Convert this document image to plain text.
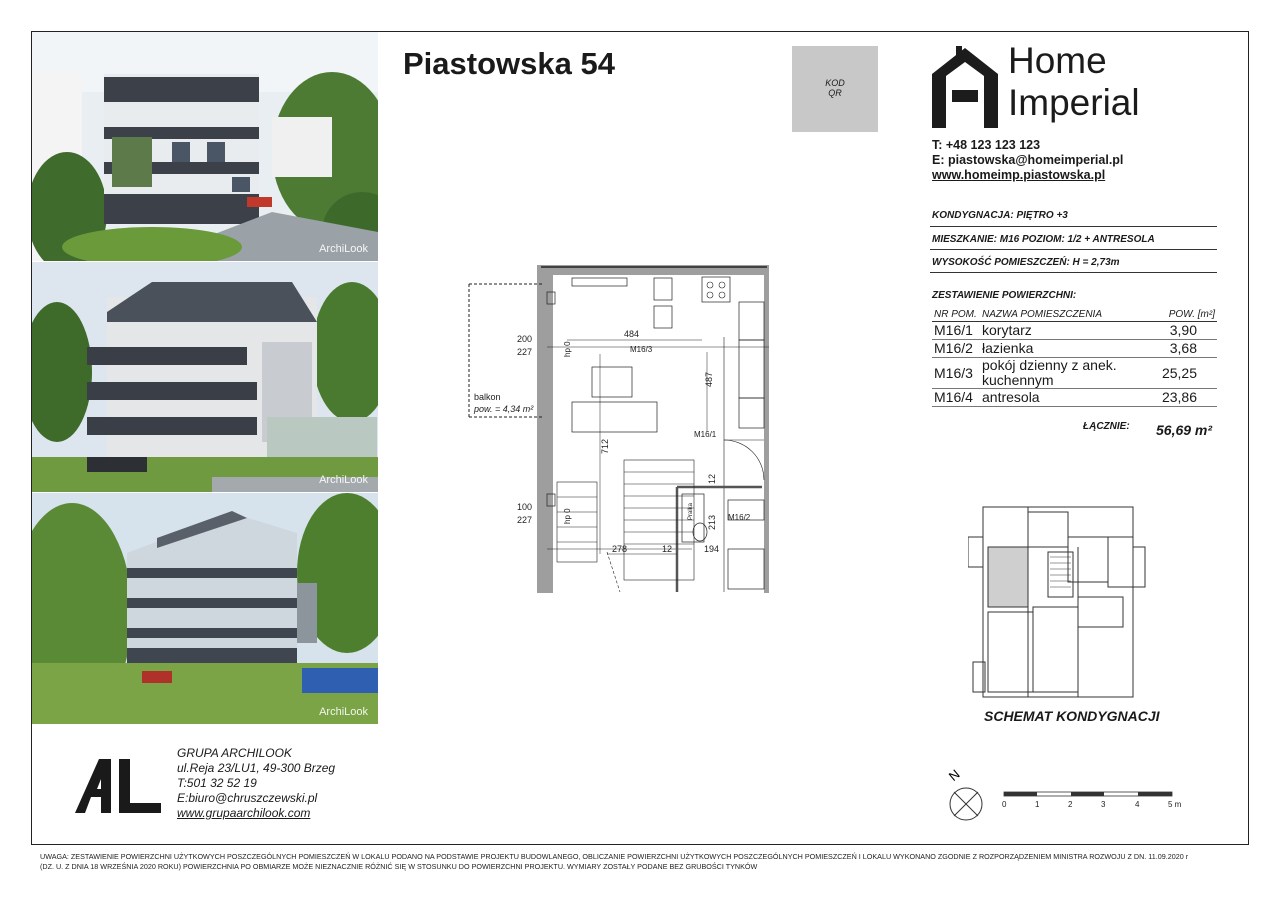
ArchiLook
ArchiLook
ArchiLook
Piastowska 54
KOD
QR
Home
Imperial
T: +48 123 123 123
E: piastowska@homeimperial.pl
www.homeimp.piastowska.pl
KONDYGNACJA: PIĘTRO +3
MIESZKANIE: M16 POZIOM: 1/2 + ANTRESOLA
WYSOKOŚĆ POMIESZCZEŃ: H = 2,73m
ZESTAWIENIE POWIERZCHNI:
NR POM.	NAZWA POMIESZCZENIA	POW. [m²]
M16/1	korytarz	3,90
M16/2	łazienka	3,68
M16/3	pokój dzienny z anek. kuchennym	25,25
M16/4	antresola	23,86
ŁĄCZNIE: 56,69 m²
484
487
712
278	12
12
194
213
200
227
100
227
hp 0
hp 0
M16/3
M16/1
M16/2
Pralka
balkon
pow. = 4,34 m²
SCHEMAT KONDYGNACJI
GRUPA ARCHILOOK
ul.Reja 23/LU1, 49-300 Brzeg
T:501 32 52 19
E:biuro@chruszczewski.pl
www.grupaarchilook.com
N
0	1	2	3	4	5 m
UWAGA: ZESTAWIENIE POWIERZCHNI UŻYTKOWYCH POSZCZEGÓLNYCH POMIESZCZEŃ W LOKALU PODANO NA PODSTAWIE PROJEKTU BUDOWLANEGO, OBLICZANIE POWIERZCHNI UŻYTKOWYCH POSZCZEGÓLNYCH POMIESZCZEŃ I LOKALU WYKONANO ZGODNIE Z ROZPORZĄDZENIEM MINISTRA ROZWOJU Z DN. 11.09.2020 r
(DZ. U. Z DNIA 18 WRZEŚNIA 2020 ROKU) POWIERZCHNIA PO OBMIARZE MOŻE NIEZNACZNIE RÓŻNIĆ SIĘ W STOSUNKU DO POWIERZCHNI PROJEKTU. WYMIARY ZOSTAŁY PODANE BEZ GRUBOŚCI TYNKÓW
